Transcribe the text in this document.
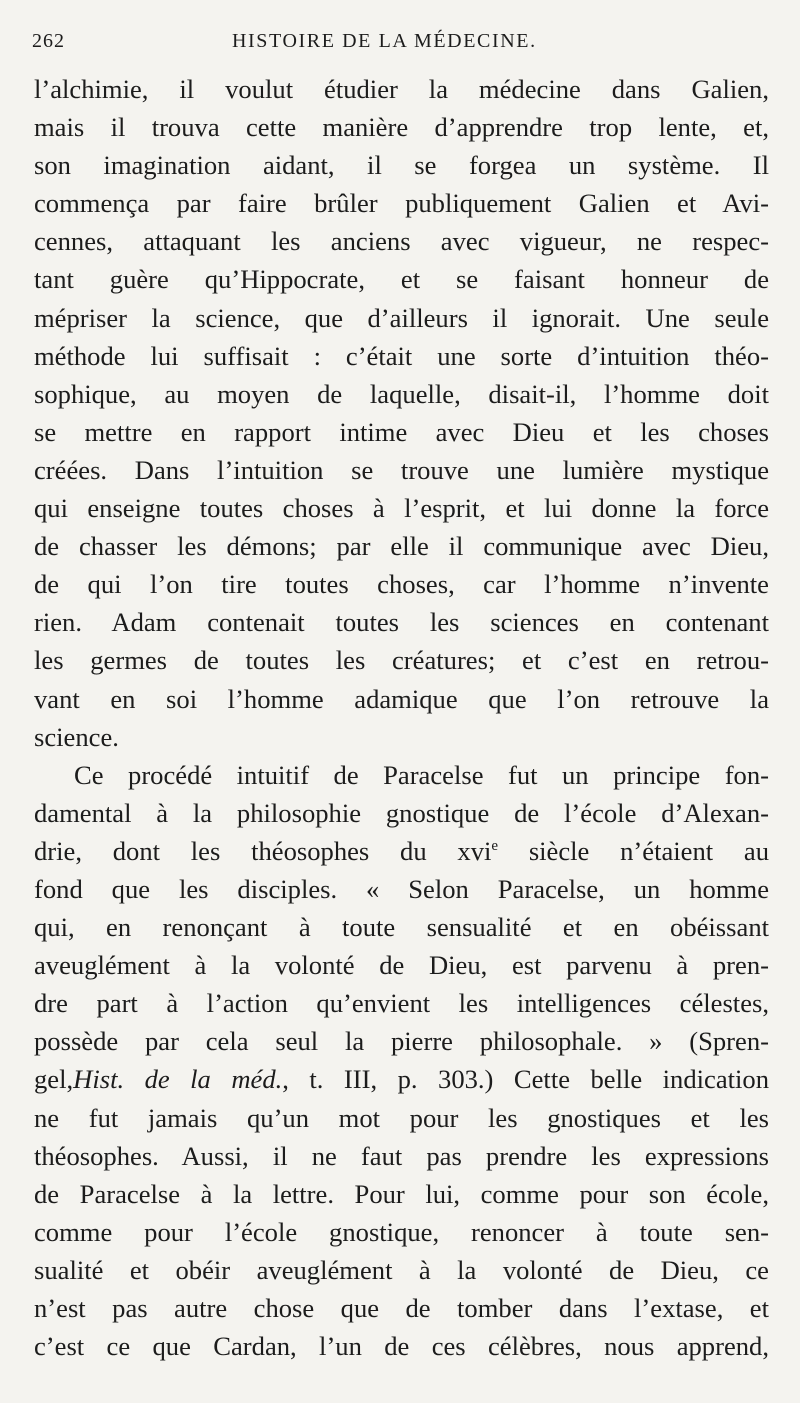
262	HISTOIRE DE LA MÉDECINE.
l’alchimie, il voulut étudier la médecine dans Galien,
mais il trouva cette manière d’apprendre trop lente, et,
son imagination aidant, il se forgea un système. Il
commença par faire brûler publiquement Galien et Avi-
cennes, attaquant les anciens avec vigueur, ne respec-
tant guère qu’Hippocrate, et se faisant honneur de
mépriser la science, que d’ailleurs il ignorait. Une seule
méthode lui suffisait : c’était une sorte d’intuition théo-
sophique, au moyen de laquelle, disait-il, l’homme doit
se mettre en rapport intime avec Dieu et les choses
créées. Dans l’intuition se trouve une lumière mystique
qui enseigne toutes choses à l’esprit, et lui donne la force
de chasser les démons; par elle il communique avec Dieu,
de qui l’on tire toutes choses, car l’homme n’invente
rien. Adam contenait toutes les sciences en contenant
les germes de toutes les créatures; et c’est en retrou-
vant en soi l’homme adamique que l’on retrouve la
science.
Ce procédé intuitif de Paracelse fut un principe fon-
damental à la philosophie gnostique de l’école d’Alexan-
drie, dont les théosophes du xvi$^e$ siècle n’étaient au
fond que les disciples. « Selon Paracelse, un homme
qui, en renonçant à toute sensualité et en obéissant
aveuglément à la volonté de Dieu, est parvenu à pren-
dre part à l’action qu’envient les intelligences célestes,
possède par cela seul la pierre philosophale. » (Spren-
gel,Hist. de la méd., t. III, p. 303.) Cette belle indication
ne fut jamais qu’un mot pour les gnostiques et les
théosophes. Aussi, il ne faut pas prendre les expressions
de Paracelse à la lettre. Pour lui, comme pour son école,
comme pour l’école gnostique, renoncer à toute sen-
sualité et obéir aveuglément à la volonté de Dieu, ce
n’est pas autre chose que de tomber dans l’extase, et
c’est ce que Cardan, l’un de ces célèbres, nous apprend,
